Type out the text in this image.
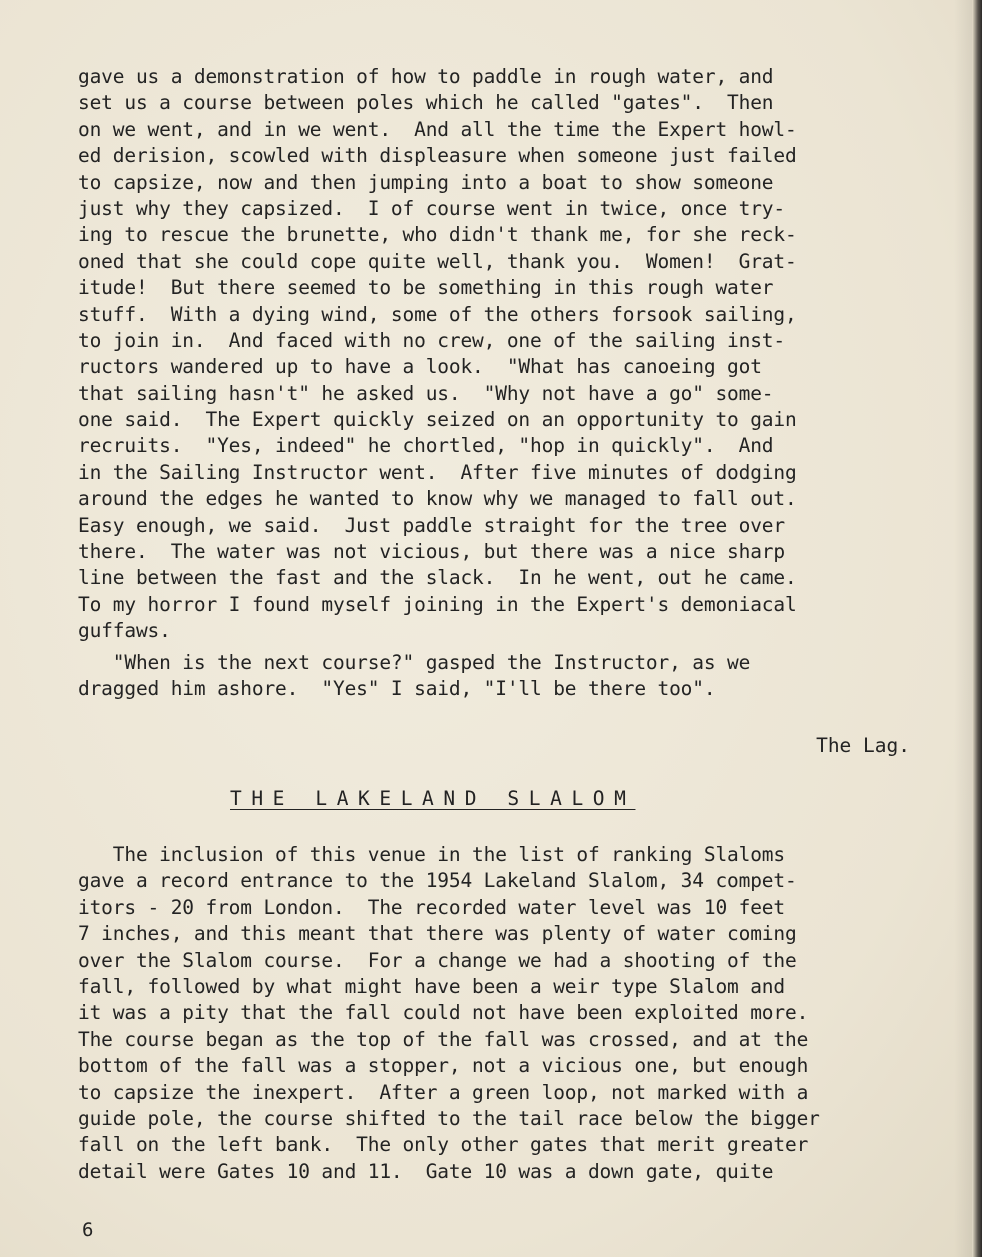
gave us a demonstration of how to paddle in rough water, and
set us a course between poles which he called "gates".  Then
on we went, and in we went.  And all the time the Expert howl-
ed derision, scowled with displeasure when someone just failed
to capsize, now and then jumping into a boat to show someone
just why they capsized.  I of course went in twice, once try-
ing to rescue the brunette, who didn't thank me, for she reck-
oned that she could cope quite well, thank you.  Women!  Grat-
itude!  But there seemed to be something in this rough water
stuff.  With a dying wind, some of the others forsook sailing,
to join in.  And faced with no crew, one of the sailing inst-
ructors wandered up to have a look.  "What has canoeing got
that sailing hasn't" he asked us.  "Why not have a go" some-
one said.  The Expert quickly seized on an opportunity to gain
recruits.  "Yes, indeed" he chortled, "hop in quickly".  And
in the Sailing Instructor went.  After five minutes of dodging
around the edges he wanted to know why we managed to fall out.
Easy enough, we said.  Just paddle straight for the tree over
there.  The water was not vicious, but there was a nice sharp
line between the fast and the slack.  In he went, out he came.
To my horror I found myself joining in the Expert's demoniacal
guffaws.
"When is the next course?" gasped the Instructor, as we
dragged him ashore.  "Yes" I said, "I'll be there too".
The Lag.
THE LAKELAND SLALOM
The inclusion of this venue in the list of ranking Slaloms
gave a record entrance to the 1954 Lakeland Slalom, 34 compet-
itors - 20 from London.  The recorded water level was 10 feet
7 inches, and this meant that there was plenty of water coming
over the Slalom course.  For a change we had a shooting of the
fall, followed by what might have been a weir type Slalom and
it was a pity that the fall could not have been exploited more.
The course began as the top of the fall was crossed, and at the
bottom of the fall was a stopper, not a vicious one, but enough
to capsize the inexpert.  After a green loop, not marked with a
guide pole, the course shifted to the tail race below the bigger
fall on the left bank.  The only other gates that merit greater
detail were Gates 10 and 11.  Gate 10 was a down gate, quite
6
